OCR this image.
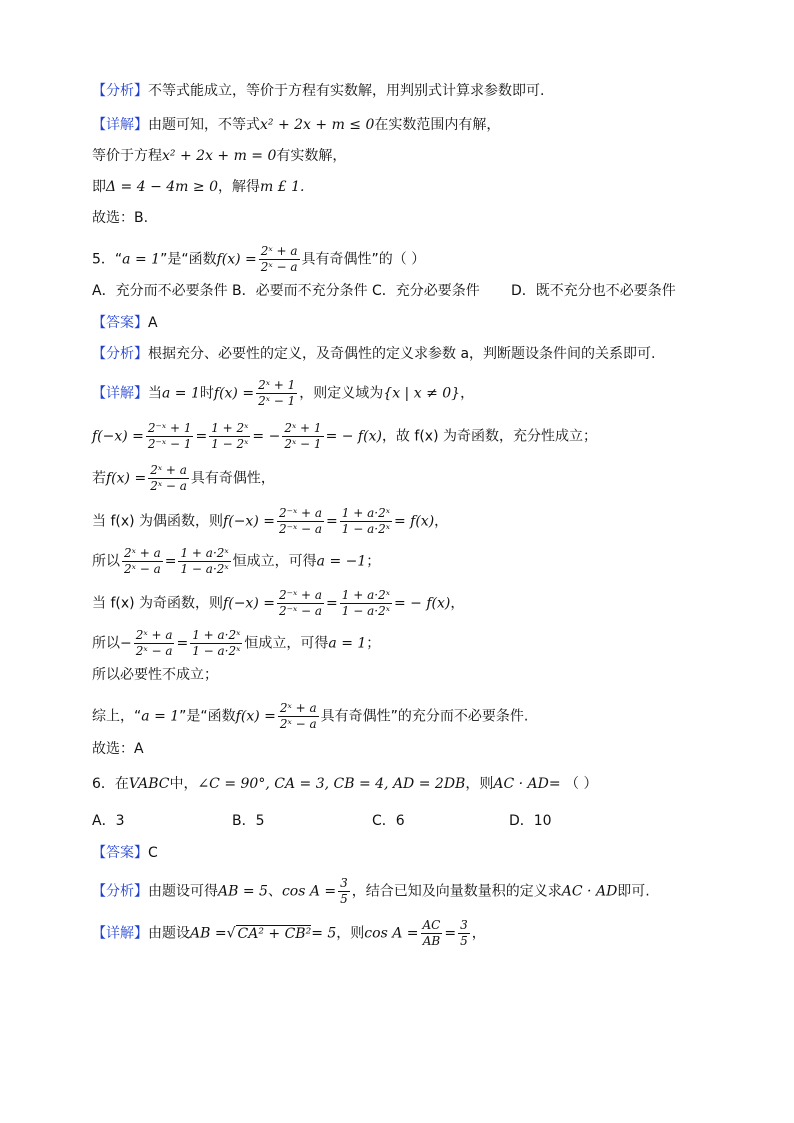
【分析】不等式能成立，等价于方程有实数解，用判别式计算求参数即可.
【详解】由题可知，不等式x² + 2x + m ≤ 0在实数范围内有解，
等价于方程x² + 2x + m = 0有实数解，
即Δ = 4 − 4m ≥ 0，解得m £ 1.
故选：B.
5．“a = 1”是“函数$f(x) = \frac{\text{2ˣ + a}}{\text{2ˣ − a}}$ 具有奇偶性”的（ ）
A．充分而不必要条件 B．必要而不充分条件 C．充分必要条件 D．既不充分也不必要条件
【答案】A
【分析】根据充分、必要性的定义，及奇偶性的定义求参数 a，判断题设条件间的关系即可.
【详解】当a = 1时$f(x) = \frac{\text{2ˣ + 1}}{\text{2ˣ − 1}}$ ，则定义域为{x | x ≠ 0}，
$f(-x) = \frac{\text{2⁻ˣ + 1}}{\text{2⁻ˣ − 1}} = \frac{\text{1 + 2ˣ}}{\text{1 − 2ˣ}}$ = − $\frac{\text{2ˣ + 1}}{\text{2ˣ − 1}}$ = − f(x)，故 f(x) 为奇函数，充分性成立；
若$f(x) = \frac{\text{2ˣ + a}}{\text{2ˣ − a}}$ 具有奇偶性，
当 f(x) 为偶函数，则$f(-x) = \frac{\text{2⁻ˣ + a}}{\text{2⁻ˣ − a}} = \frac{\text{1 + a·2ˣ}}{\text{1 − a·2ˣ}} = f(x)$，
所以 $\frac{\text{2ˣ + a}}{\text{2ˣ − a}} = \frac{\text{1 + a·2ˣ}}{\text{1 − a·2ˣ}}$ 恒成立，可得a = −1；
当 f(x) 为奇函数，则$f(-x) = \frac{\text{2⁻ˣ + a}}{\text{2⁻ˣ − a}} = \frac{\text{1 + a·2ˣ}}{\text{1 − a·2ˣ}}$ = − f(x)，
所以− $\frac{\text{2ˣ + a}}{\text{2ˣ − a}} = \frac{\text{1 + a·2ˣ}}{\text{1 − a·2ˣ}}$ 恒成立，可得a = 1；
所以必要性不成立；
综上，“a = 1”是“函数$f(x) = \frac{\text{2ˣ + a}}{\text{2ˣ − a}}$ 具有奇偶性”的充分而不必要条件.
故选：A
6．在VABC中，∠C = 90°, CA = 3, CB = 4, AD = 2DB，则AC · AD= （ ）
A．3	B．5	C．6	D．10
【答案】C
【分析】由题设可得AB = 5、$\cos A = \frac{3}{5}$ ，结合已知及向量数量积的定义求AC · AD即可.
【详解】由题设AB =√ CA² + CB²= 5，则$\cos A = \frac{AC}{AB} = \frac{3}{5}$ ，
